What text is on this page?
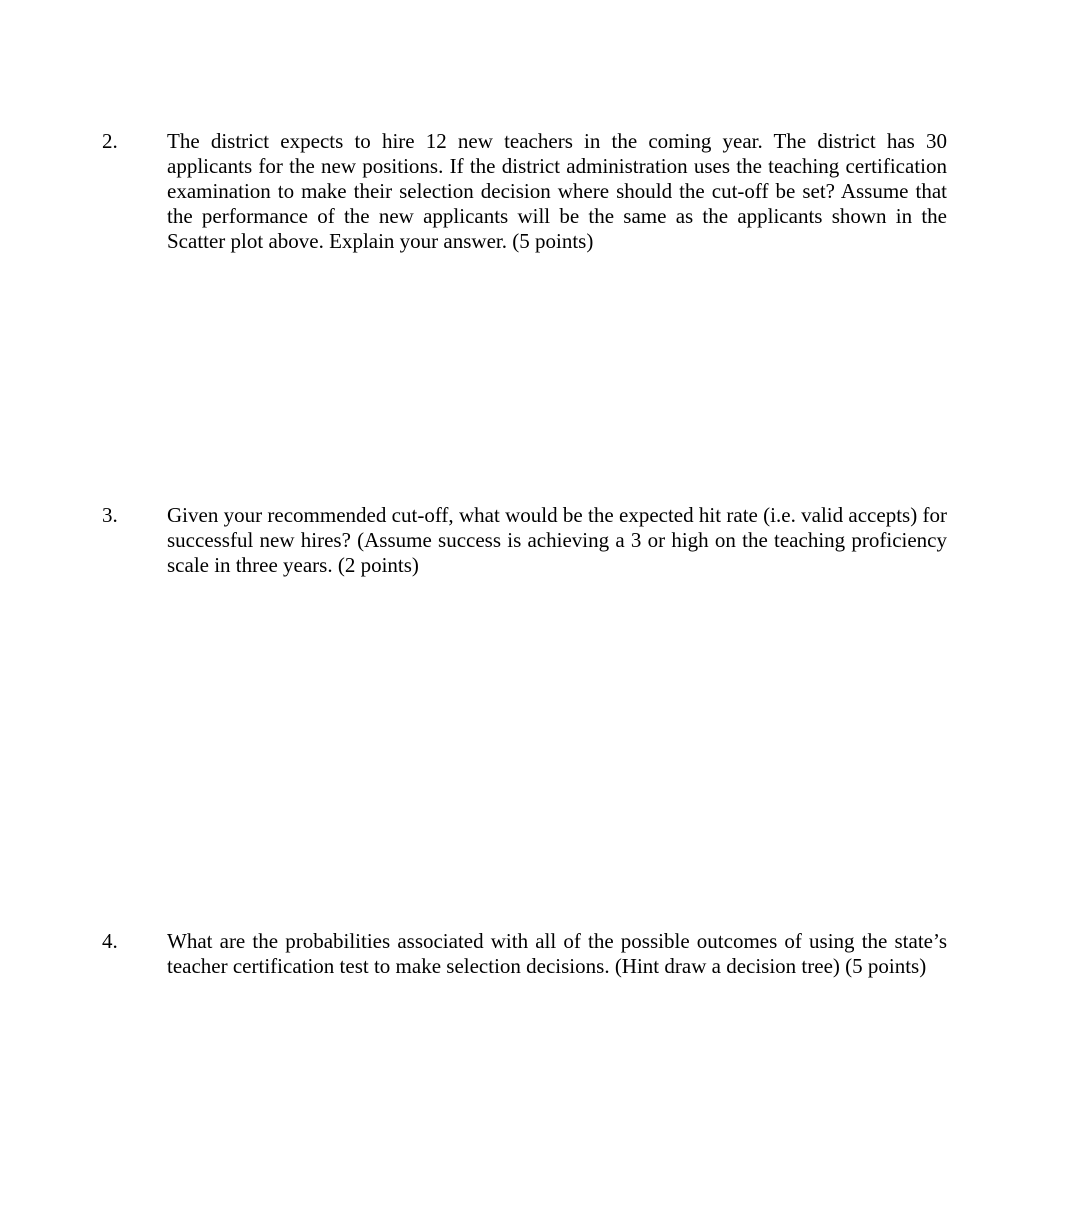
2. The district expects to hire 12 new teachers in the coming year. The district has 30 applicants for the new positions. If the district administration uses the teaching certification examination to make their selection decision where should the cut-off be set? Assume that the performance of the new applicants will be the same as the applicants shown in the Scatter plot above. Explain your answer. (5 points)
3. Given your recommended cut-off, what would be the expected hit rate (i.e. valid accepts) for successful new hires? (Assume success is achieving a 3 or high on the teaching proficiency scale in three years. (2 points)
4. What are the probabilities associated with all of the possible outcomes of using the state’s teacher certification test to make selection decisions. (Hint draw a decision tree) (5 points)
